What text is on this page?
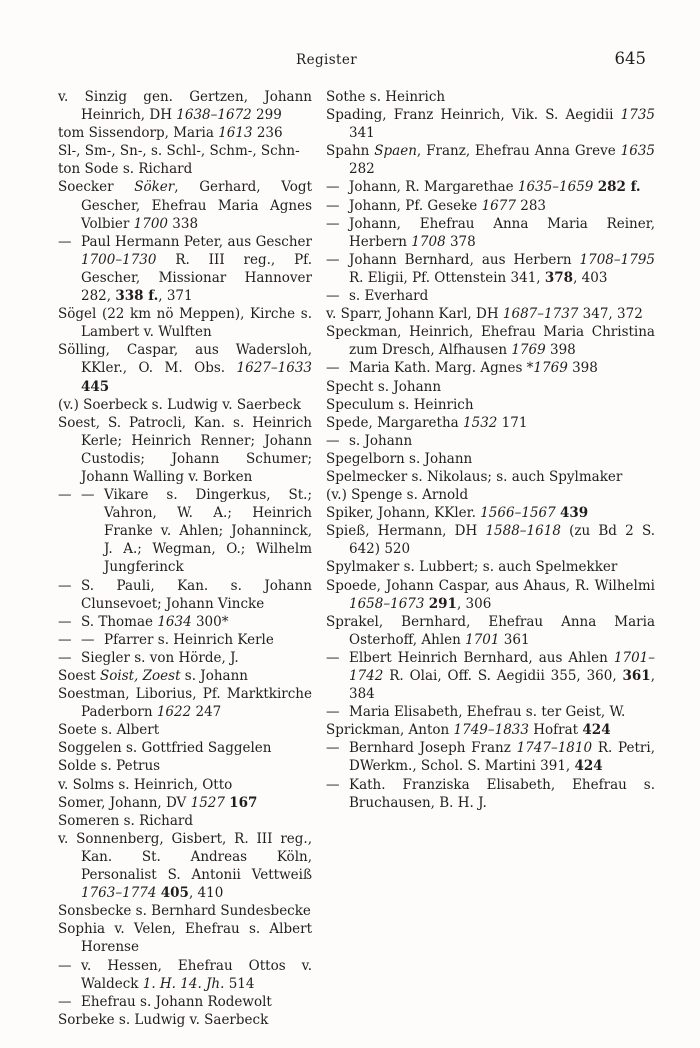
Register	645

v. Sinzig gen. Gertzen, Johann Heinrich, DH 1638–1672 299

tom Sissendorp, Maria 1613 236

Sl-, Sm-, Sn-, s. Schl-, Schm-, Schn-

ton Sode s. Richard

Soecker Söker, Gerhard, Vogt Gescher, Ehefrau Maria Agnes Volbier 1700 338

— Paul Hermann Peter, aus Gescher 1700–1730 R. III reg., Pf. Gescher, Missionar Hannover 282, 338 f., 371

Sögel (22 km nö Meppen), Kirche s. Lambert v. Wulften

Sölling, Caspar, aus Wadersloh, KKler., O. M. Obs. 1627–1633 445

(v.) Soerbeck s. Ludwig v. Saerbeck

Soest, S. Patrocli, Kan. s. Heinrich Kerle; Heinrich Renner; Johann Custodis; Johann Schumer; Johann Walling v. Borken

— — Vikare s. Dingerkus, St.; Vahron, W. A.; Heinrich Franke v. Ahlen; Johanninck, J. A.; Wegman, O.; Wilhelm Jungferinck

— S. Pauli, Kan. s. Johann Clunsevoet; Johann Vincke

— S. Thomae 1634 300*

— — Pfarrer s. Heinrich Kerle

— Siegler s. von Hörde, J.

Soest Soist, Zoest s. Johann

Soestman, Liborius, Pf. Marktkirche Paderborn 1622 247

Soete s. Albert

Soggelen s. Gottfried Saggelen

Solde s. Petrus

v. Solms s. Heinrich, Otto

Somer, Johann, DV 1527 167

Someren s. Richard

v. Sonnenberg, Gisbert, R. III reg., Kan. St. Andreas Köln, Personalist S. Antonii Vettweiß 1763–1774 405, 410

Sonsbecke s. Bernhard Sundesbecke

Sophia v. Velen, Ehefrau s. Albert Horense

— v. Hessen, Ehefrau Ottos v. Waldeck 1. H. 14. Jh. 514

— Ehefrau s. Johann Rodewolt

Sorbeke s. Ludwig v. Saerbeck

Sothe s. Heinrich

Spading, Franz Heinrich, Vik. S. Aegidii 1735 341

Spahn Spaen, Franz, Ehefrau Anna Greve 1635 282

— Johann, R. Margarethae 1635–1659 282 f.

— Johann, Pf. Geseke 1677 283

— Johann, Ehefrau Anna Maria Reiner, Herbern 1708 378

— Johann Bernhard, aus Herbern 1708–1795 R. Eligii, Pf. Ottenstein 341, 378, 403

— s. Everhard

v. Sparr, Johann Karl, DH 1687–1737 347, 372

Speckman, Heinrich, Ehefrau Maria Christina zum Dresch, Alfhausen 1769 398

— Maria Kath. Marg. Agnes *1769 398

Specht s. Johann

Speculum s. Heinrich

Spede, Margaretha 1532 171

— s. Johann

Spegelborn s. Johann

Spelmecker s. Nikolaus; s. auch Spylmaker

(v.) Spenge s. Arnold

Spiker, Johann, KKler. 1566–1567 439

Spieß, Hermann, DH 1588–1618 (zu Bd 2 S. 642) 520

Spylmaker s. Lubbert; s. auch Spelmekker

Spoede, Johann Caspar, aus Ahaus, R. Wilhelmi 1658–1673 291, 306

Sprakel, Bernhard, Ehefrau Anna Maria Osterhoff, Ahlen 1701 361

— Elbert Heinrich Bernhard, aus Ahlen 1701–1742 R. Olai, Off. S. Aegidii 355, 360, 361, 384

— Maria Elisabeth, Ehefrau s. ter Geist, W.

Sprickman, Anton 1749–1833 Hofrat 424

— Bernhard Joseph Franz 1747–1810 R. Petri, DWerkm., Schol. S. Martini 391, 424

— Kath. Franziska Elisabeth, Ehefrau s. Bruchausen, B. H. J.
